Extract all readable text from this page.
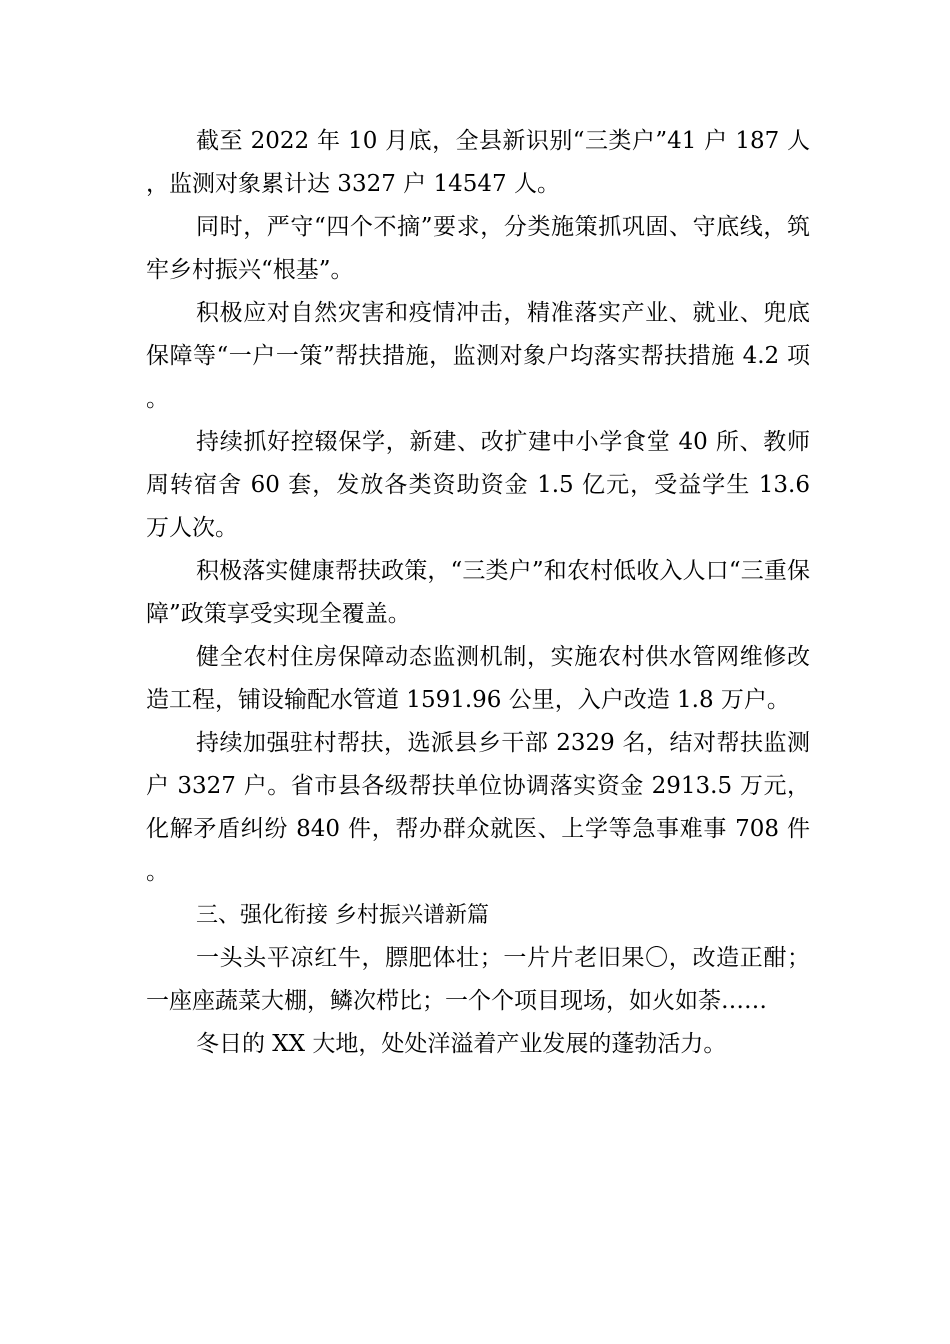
截至 2022 年 10 月底，全县新识别“三类户”41 户 187 人，监测对象累计达 3327 户 14547 人。

同时，严守“四个不摘”要求，分类施策抓巩固、守底线，筑牢乡村振兴“根基”。

积极应对自然灾害和疫情冲击，精准落实产业、就业、兜底保障等“一户一策”帮扶措施，监测对象户均落实帮扶措施 4.2 项。

持续抓好控辍保学，新建、改扩建中小学食堂 40 所、教师周转宿舍 60 套，发放各类资助资金 1.5 亿元，受益学生 13.6 万人次。

积极落实健康帮扶政策，“三类户”和农村低收入人口“三重保障”政策享受实现全覆盖。

健全农村住房保障动态监测机制，实施农村供水管网维修改造工程，铺设输配水管道 1591.96 公里，入户改造 1.8 万户。

持续加强驻村帮扶，选派县乡干部 2329 名，结对帮扶监测户 3327 户。省市县各级帮扶单位协调落实资金 2913.5 万元，化解矛盾纠纷 840 件，帮办群众就医、上学等急事难事 708 件。

三、强化衔接 乡村振兴谱新篇

一头头平凉红牛，膘肥体壮；一片片老旧果〇，改造正酣；一座座蔬菜大棚，鳞次栉比；一个个项目现场，如火如荼……

冬日的 XX 大地，处处洋溢着产业发展的蓬勃活力。
